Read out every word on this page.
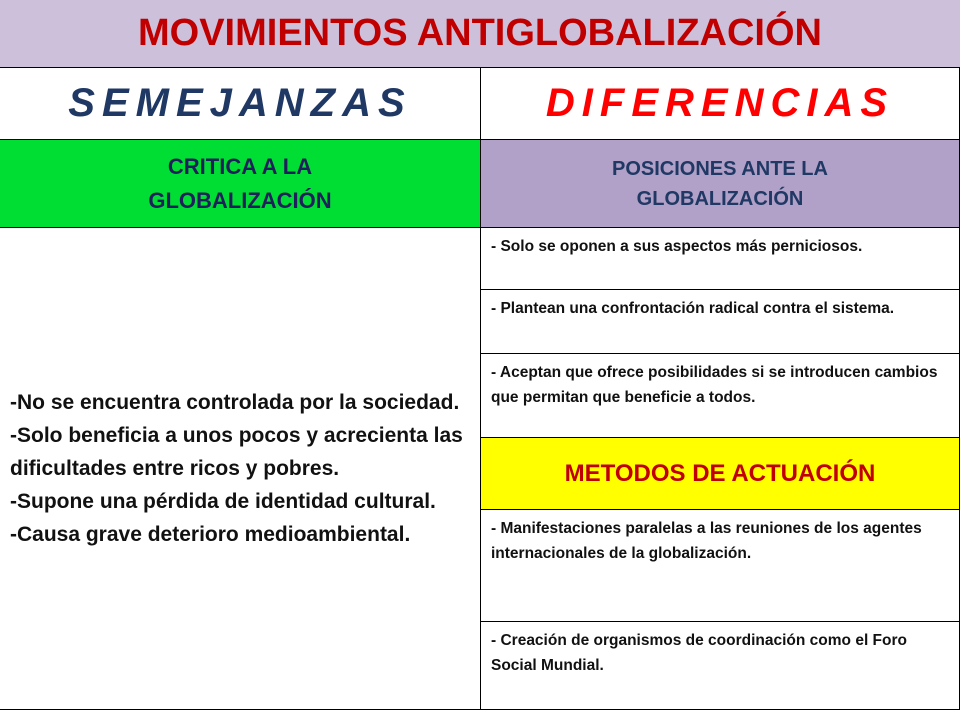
MOVIMIENTOS ANTIGLOBALIZACIÓN
SEMEJANZAS	DIFERENCIAS
CRITICA A LA GLOBALIZACIÓN
POSICIONES ANTE LA GLOBALIZACIÓN
-No se encuentra controlada por la sociedad.
-Solo beneficia a unos pocos y acrecienta las dificultades entre ricos y pobres.
-Supone una pérdida de identidad cultural.
-Causa grave deterioro medioambiental.
- Solo se oponen a sus aspectos más perniciosos.
- Plantean una confrontación radical contra el sistema.
- Aceptan que ofrece posibilidades si se introducen cambios que permitan que beneficie a todos.
METODOS DE ACTUACIÓN
- Manifestaciones paralelas a las reuniones de los agentes internacionales de la globalización.
- Creación de organismos de coordinación como el Foro Social Mundial.
